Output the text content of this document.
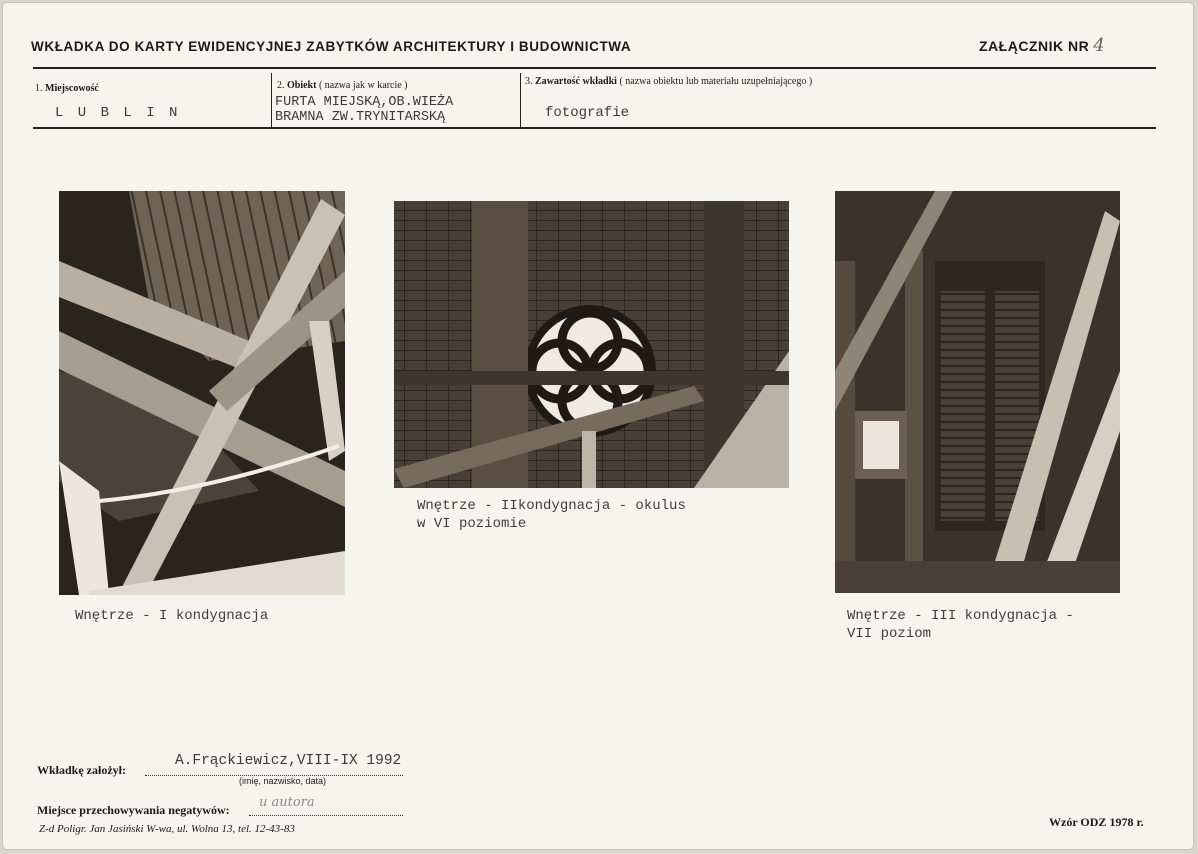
WKŁADKA DO KARTY EWIDENCYJNEJ ZABYTKÓW ARCHITEKTURY I BUDOWNICTWA	ZAŁĄCZNIK NR 4
1. Miejscowość
L U B L I N
2. Obiekt ( nazwa jak w karcie )
FURTA MIEJSKĄ,OB.WIEŻA
BRAMNA ZW.TRYNITARSKĄ
3. Zawartość wkładki ( nazwa obiektu lub materiału uzupełniającego )
fotografie
Wnętrze - I kondygnacja
Wnętrze - IIkondygnacja - okulus
w VI poziomie
Wnętrze - III kondygnacja -
VII poziom
Wkładkę założył:
A.Frąckiewicz,VIII-IX 1992
(imię, nazwisko, data)
Miejsce przechowywania negatywów: u autora
Z-d Poligr. Jan Jasiński W-wa, ul. Wolna 13, tel. 12-43-83	Wzór ODZ 1978 r.
